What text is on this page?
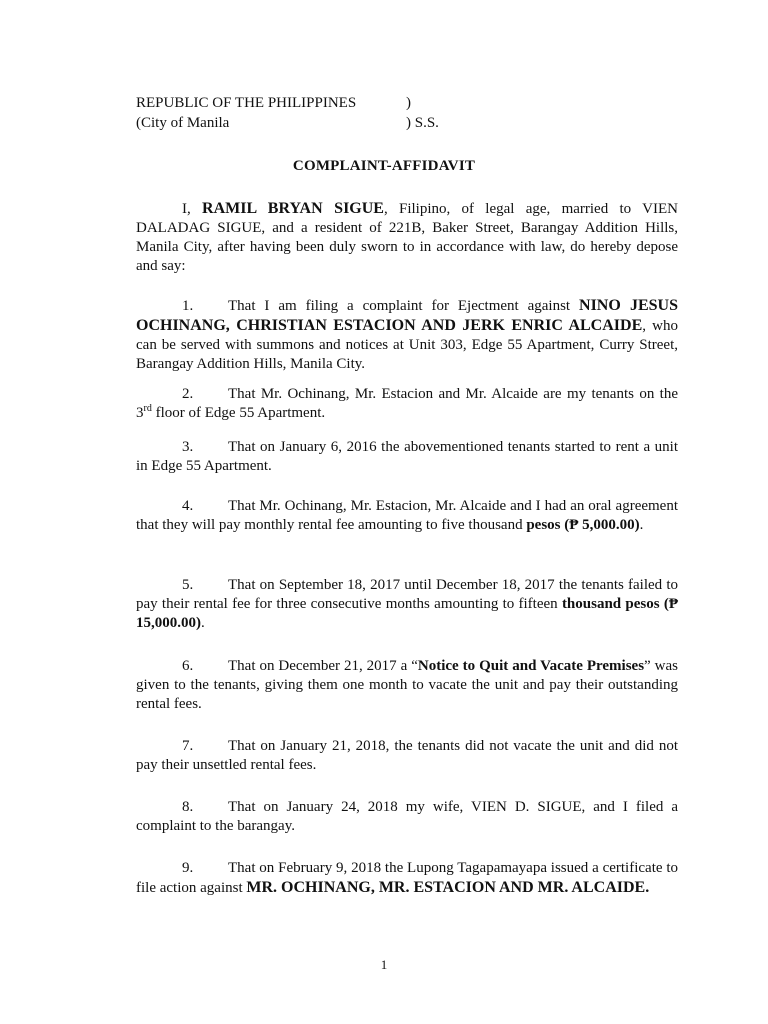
REPUBLIC OF THE PHILIPPINES	)
(City of Manila	) S.S.
COMPLAINT-AFFIDAVIT

I, RAMIL BRYAN SIGUE, Filipino, of legal age, married to VIEN DALADAG SIGUE, and a resident of 221B, Baker Street, Barangay Addition Hills, Manila City, after having been duly sworn to in accordance with law, do hereby depose and say:

1. That I am filing a complaint for Ejectment against NINO JESUS OCHINANG, CHRISTIAN ESTACION AND JERK ENRIC ALCAIDE, who can be served with summons and notices at Unit 303, Edge 55 Apartment, Curry Street, Barangay Addition Hills, Manila City.

2. That Mr. Ochinang, Mr. Estacion and Mr. Alcaide are my tenants on the 3rd floor of Edge 55 Apartment.

3. That on January 6, 2016 the abovementioned tenants started to rent a unit in Edge 55 Apartment.

4. That Mr. Ochinang, Mr. Estacion, Mr. Alcaide and I had an oral agreement that they will pay monthly rental fee amounting to five thousand pesos (₱ 5,000.00).

5. That on September 18, 2017 until December 18, 2017 the tenants failed to pay their rental fee for three consecutive months amounting to fifteen thousand pesos (₱ 15,000.00).

6. That on December 21, 2017 a “Notice to Quit and Vacate Premises” was given to the tenants, giving them one month to vacate the unit and pay their outstanding rental fees.

7. That on January 21, 2018, the tenants did not vacate the unit and did not pay their unsettled rental fees.

8. That on January 24, 2018 my wife, VIEN D. SIGUE, and I filed a complaint to the barangay.

9. That on February 9, 2018 the Lupong Tagapamayapa issued a certificate to file action against MR. OCHINANG, MR. ESTACION AND MR. ALCAIDE.

1
